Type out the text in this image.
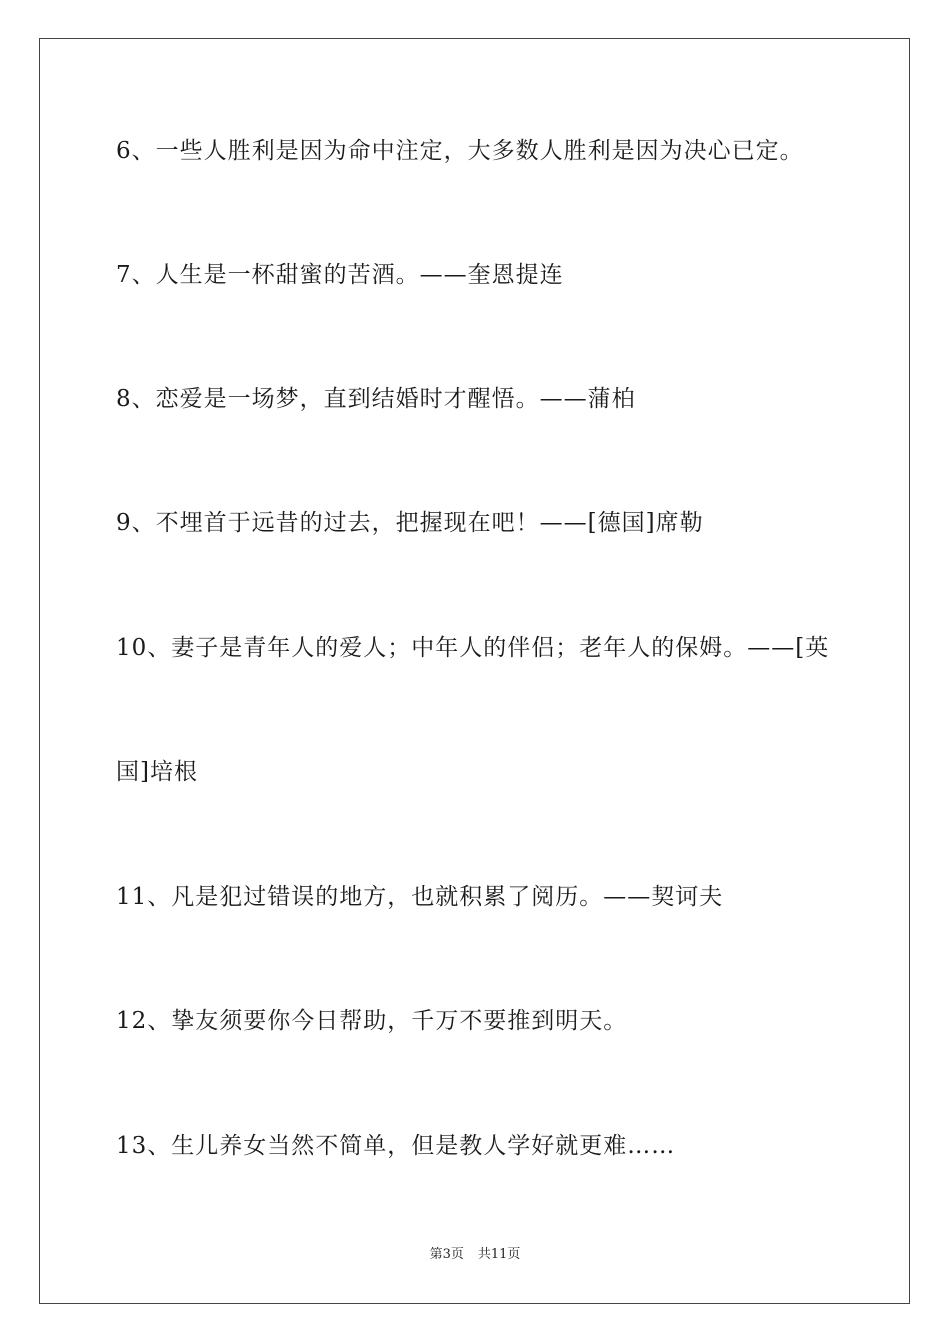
6、一些人胜利是因为命中注定，大多数人胜利是因为决心已定。
7、人生是一杯甜蜜的苦酒。——奎恩提连
8、恋爱是一场梦，直到结婚时才醒悟。——蒲柏
9、不埋首于远昔的过去，把握现在吧！——[德国]席勒
10、妻子是青年人的爱人；中年人的伴侣；老年人的保姆。——[英
国]培根
11、凡是犯过错误的地方，也就积累了阅历。——契诃夫
12、挚友须要你今日帮助，千万不要推到明天。
13、生儿养女当然不简单，但是教人学好就更难……
第3页 共11页
